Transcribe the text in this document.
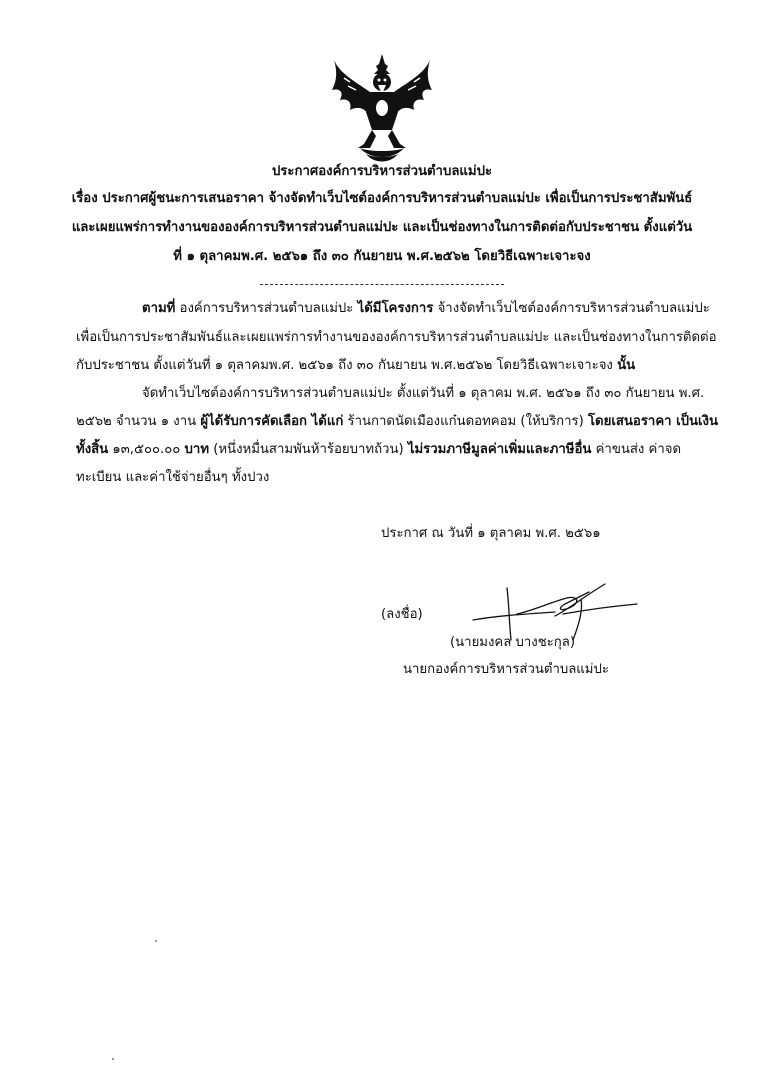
ประกาศองค์การบริหารส่วนตำบลแม่ปะ
เรื่อง ประกาศผู้ชนะการเสนอราคา จ้างจัดทำเว็บไซต์องค์การบริหารส่วนตำบลแม่ปะ เพื่อเป็นการประชาสัมพันธ์
และเผยแพร่การทำงานขององค์การบริหารส่วนตำบลแม่ปะ และเป็นช่องทางในการติดต่อกับประชาชน ตั้งแต่วัน
ที่ ๑ ตุลาคมพ.ศ. ๒๕๖๑ ถึง ๓๐ กันยายน พ.ศ.๒๕๖๒ โดยวิธีเฉพาะเจาะจง
ตามที่ องค์การบริหารส่วนตำบลแม่ปะ ได้มีโครงการ จ้างจัดทำเว็บไซต์องค์การบริหารส่วนตำบลแม่ปะ
เพื่อเป็นการประชาสัมพันธ์และเผยแพร่การทำงานขององค์การบริหารส่วนตำบลแม่ปะ และเป็นช่องทางในการติดต่อ
กับประชาชน ตั้งแต่วันที่ ๑ ตุลาคมพ.ศ. ๒๕๖๑ ถึง ๓๐ กันยายน พ.ศ.๒๕๖๒ โดยวิธีเฉพาะเจาะจง นั้น
จัดทำเว็บไซต์องค์การบริหารส่วนตำบลแม่ปะ ตั้งแต่วันที่ ๑ ตุลาคม พ.ศ. ๒๕๖๑ ถึง ๓๐ กันยายน พ.ศ.
๒๕๖๒ จำนวน ๑ งาน ผู้ได้รับการคัดเลือก ได้แก่ ร้านกาดนัดเมืองแก๋นดอทคอม (ให้บริการ) โดยเสนอราคา เป็นเงิน
ทั้งสิ้น ๑๓,๕๐๐.๐๐ บาท (หนึ่งหมื่นสามพันห้าร้อยบาทถ้วน) ไม่รวมภาษีมูลค่าเพิ่มและภาษีอื่น ค่าขนส่ง ค่าจด
ทะเบียน และค่าใช้จ่ายอื่นๆ ทั้งปวง
ประกาศ ณ วันที่ ๑ ตุลาคม พ.ศ. ๒๕๖๑
(ลงชื่อ)
(นายมงคล บางชะกุล)
นายกองค์การบริหารส่วนตำบลแม่ปะ
